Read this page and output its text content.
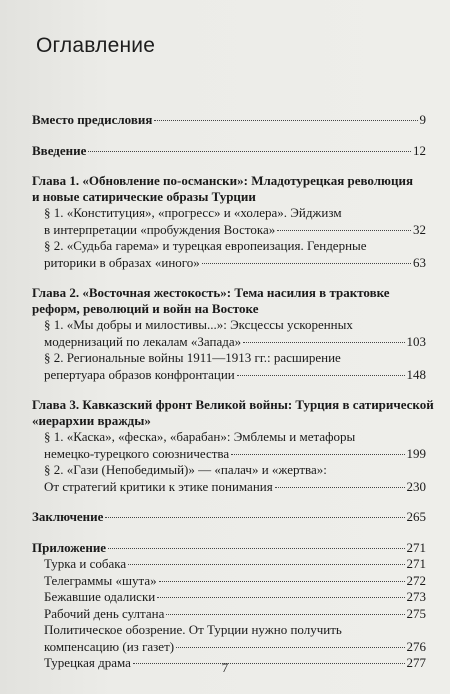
Оглавление
Вместо предисловия	9
Введение	12
Глава 1. «Обновление по-османски»: Младотурецкая революция
и новые сатирические образы Турции
§ 1. «Конституция», «прогресс» и «холера». Эйджизм
в интерпретации «пробуждения Востока»	32
§ 2. «Судьба гарема» и турецкая европеизация. Гендерные
риторики в образах «иного»	63
Глава 2. «Восточная жестокость»: Тема насилия в трактовке
реформ, революций и войн на Востоке
§ 1. «Мы добры и милостивы...»: Эксцессы ускоренных
модернизаций по лекалам «Запада»	103
§ 2. Региональные войны 1911—1913 гг.: расширение
репертуара образов конфронтации	148
Глава 3. Кавказский фронт Великой войны: Турция в сатирической
«иерархии вражды»
§ 1. «Каска», «феска», «барабан»: Эмблемы и метафоры
немецко-турецкого союзничества	199
§ 2. «Гази (Непобедимый)» — «палач» и «жертва»:
От стратегий критики к этике понимания	230
Заключение	265
Приложение	271
Турка и собака	271
Телеграммы «шута»	272
Бежавшие одалиски	273
Рабочий день султана	275
Политическое обозрение. От Турции нужно получить
компенсацию (из газет)	276
Турецкая драма	277
7
